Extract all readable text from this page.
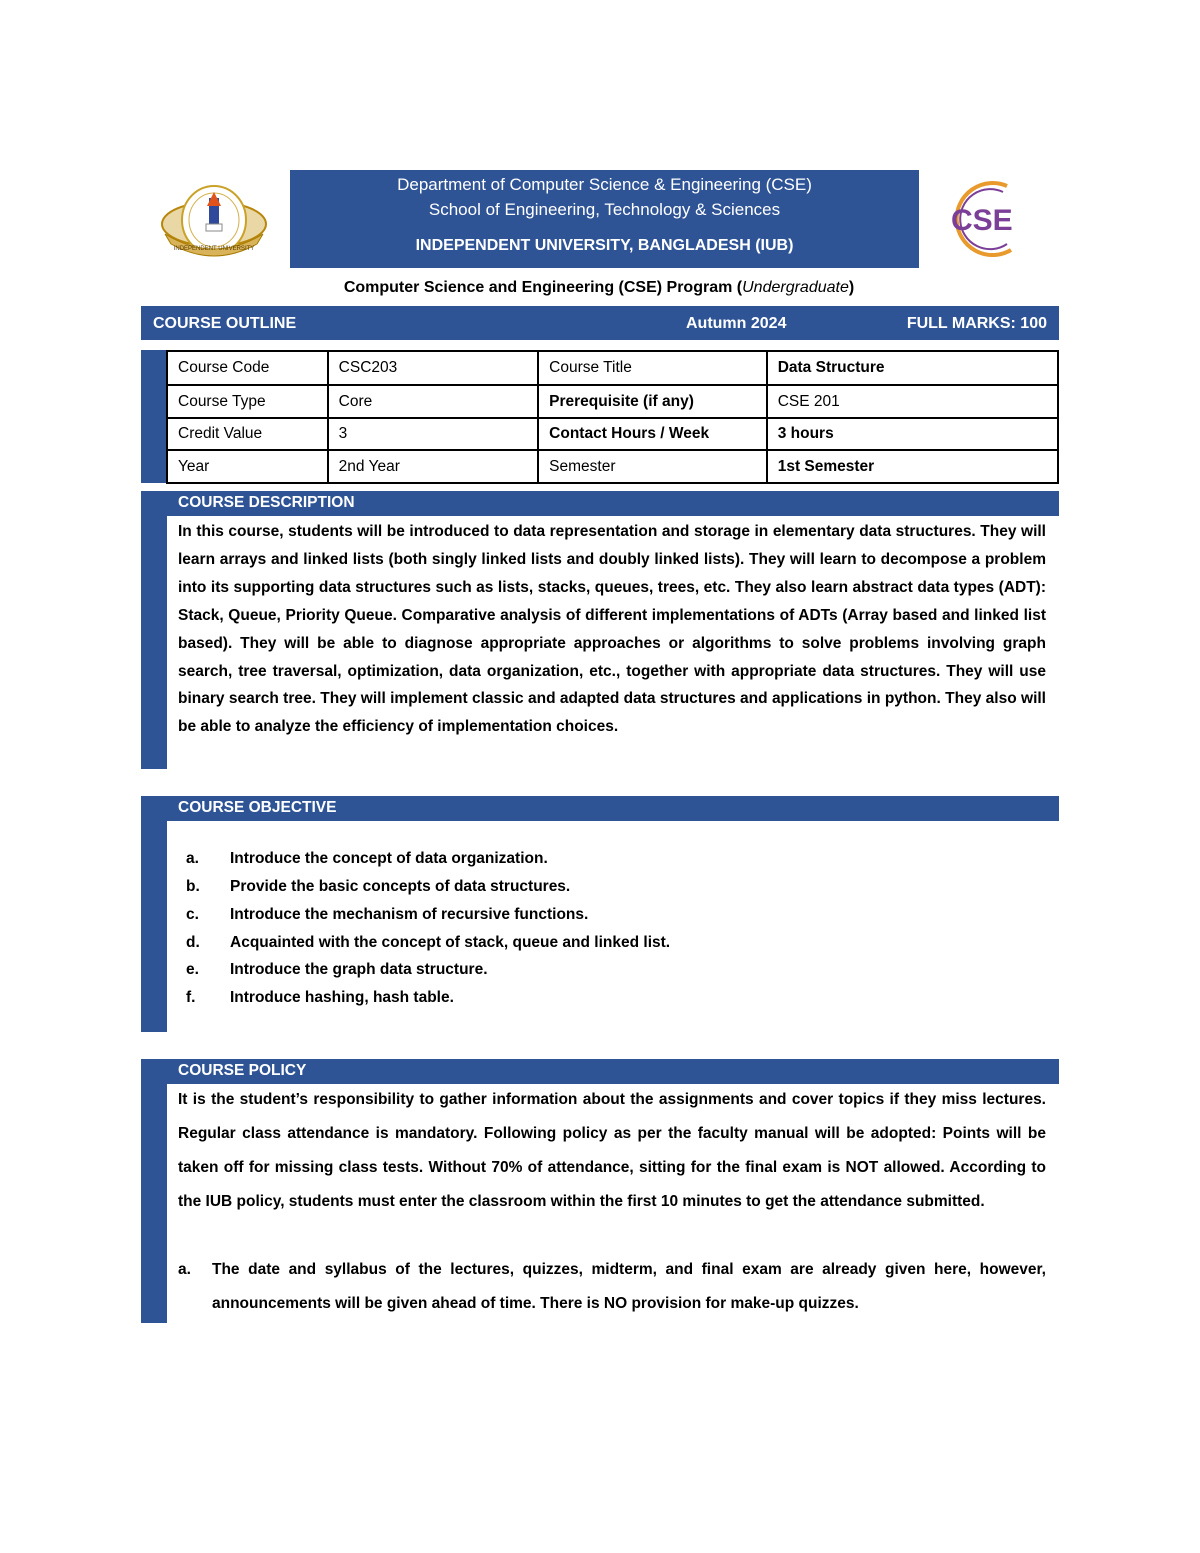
INDEPENDENT UNIVERSITY
Department of Computer Science & Engineering (CSE)
School of Engineering, Technology & Sciences
INDEPENDENT UNIVERSITY, BANGLADESH (IUB)
CSE
Computer Science and Engineering (CSE) Program (Undergraduate)
COURSE OUTLINE	Autumn 2024	FULL MARKS: 100
Course Code	CSC203	Course Title	Data Structure
Course Type	Core	Prerequisite (if any)	CSE 201
Credit Value	3	Contact Hours / Week	3 hours
Year	2nd Year	Semester	1st Semester
COURSE DESCRIPTION
In this course, students will be introduced to data representation and storage in elementary data structures. They will learn arrays and linked lists (both singly linked lists and doubly linked lists). They will learn to decompose a problem into its supporting data structures such as lists, stacks, queues, trees, etc. They also learn abstract data types (ADT): Stack, Queue, Priority Queue. Comparative analysis of different implementations of ADTs (Array based and linked list based). They will be able to diagnose appropriate approaches or algorithms to solve problems involving graph search, tree traversal, optimization, data organization, etc., together with appropriate data structures. They will use binary search tree. They will implement classic and adapted data structures and applications in python. They also will be able to analyze the efficiency of implementation choices.
COURSE OBJECTIVE
a. Introduce the concept of data organization.
b. Provide the basic concepts of data structures.
c. Introduce the mechanism of recursive functions.
d. Acquainted with the concept of stack, queue and linked list.
e. Introduce the graph data structure.
f. Introduce hashing, hash table.
COURSE POLICY
It is the student’s responsibility to gather information about the assignments and cover topics if they miss lectures. Regular class attendance is mandatory. Following policy as per the faculty manual will be adopted: Points will be taken off for missing class tests. Without 70% of attendance, sitting for the final exam is NOT allowed. According to the IUB policy, students must enter the classroom within the first 10 minutes to get the attendance submitted.
a. The date and syllabus of the lectures, quizzes, midterm, and final exam are already given here, however, announcements will be given ahead of time. There is NO provision for make-up quizzes.
